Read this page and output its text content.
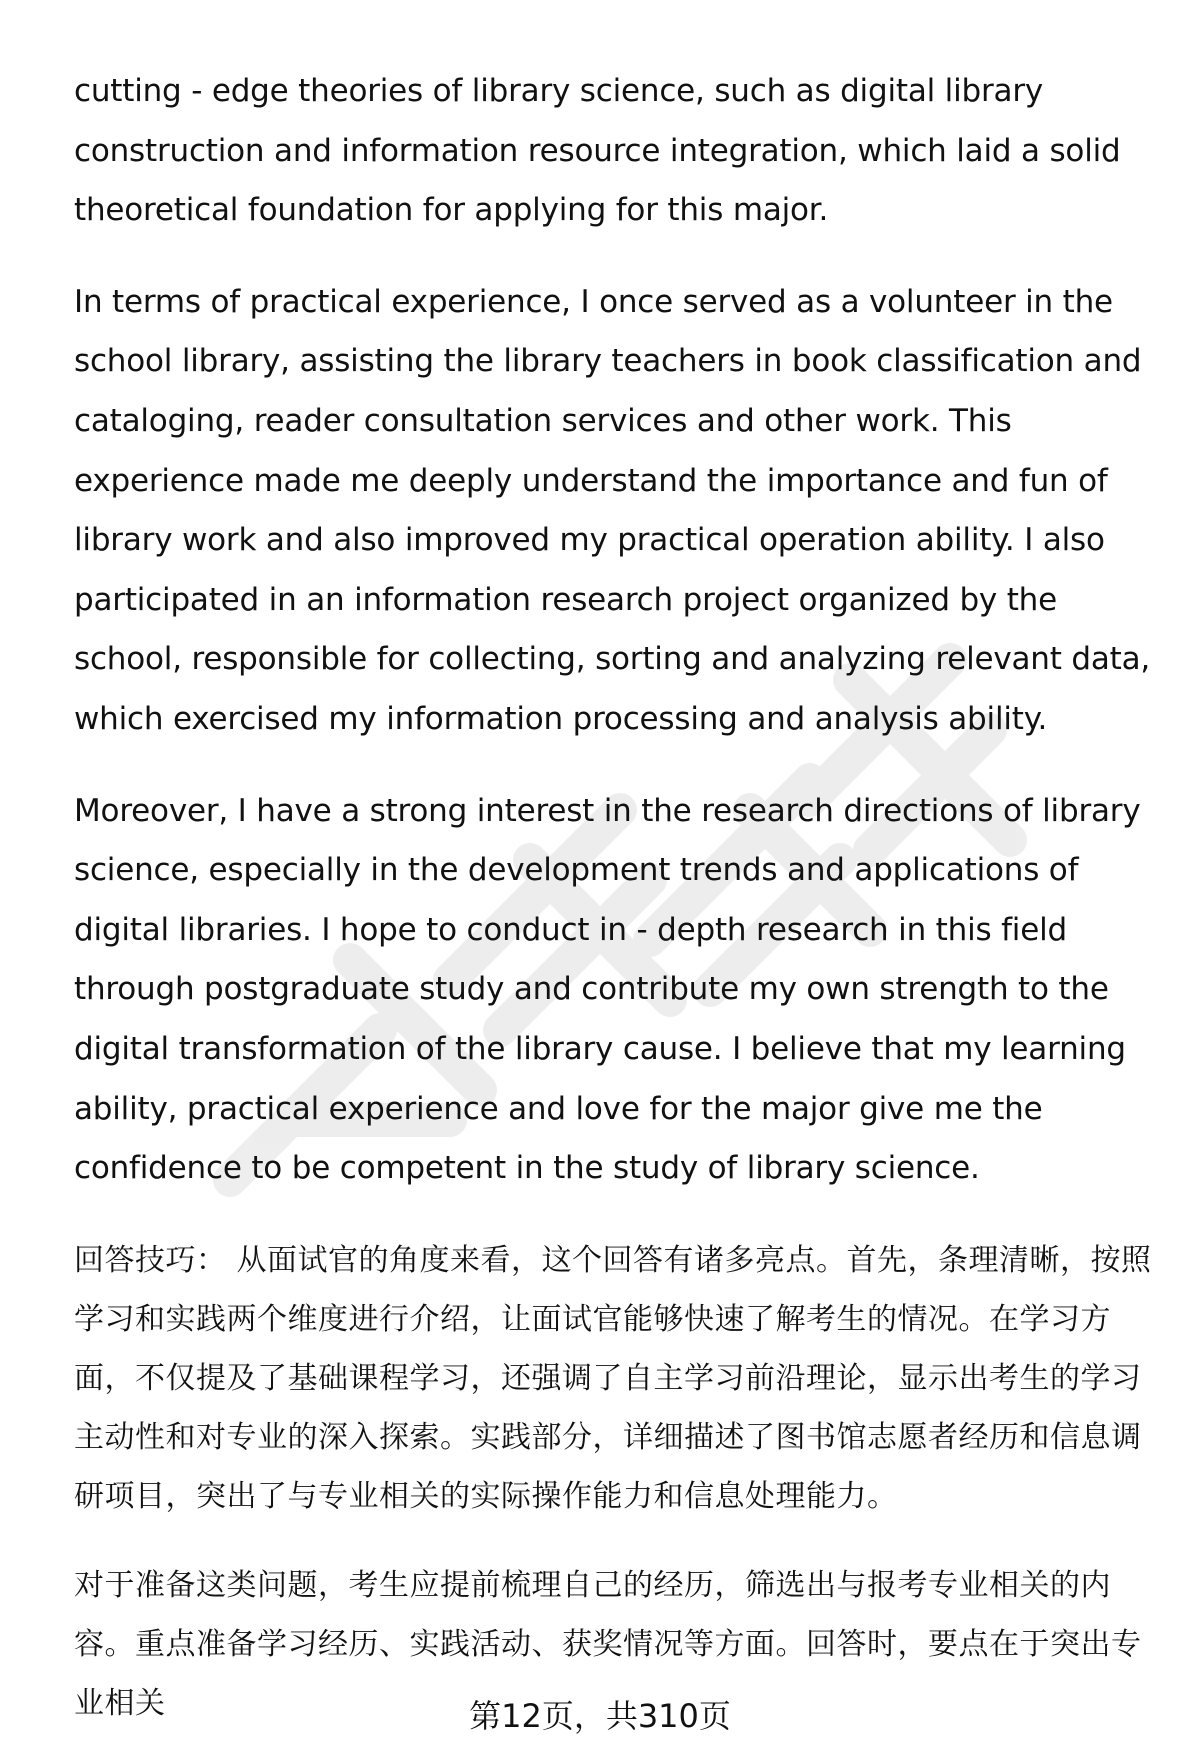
cutting - edge theories of library science, such as digital library construction and information resource integration, which laid a solid theoretical foundation for applying for this major.

In terms of practical experience, I once served as a volunteer in the school library, assisting the library teachers in book classification and cataloging, reader consultation services and other work. This experience made me deeply understand the importance and fun of library work and also improved my practical operation ability. I also participated in an information research project organized by the school, responsible for collecting, sorting and analyzing relevant data, which exercised my information processing and analysis ability.

Moreover, I have a strong interest in the research directions of library science, especially in the development trends and applications of digital libraries. I hope to conduct in - depth research in this field through postgraduate study and contribute my own strength to the digital transformation of the library cause. I believe that my learning ability, practical experience and love for the major give me the confidence to be competent in the study of library science.

回答技巧： 从面试官的角度来看，这个回答有诸多亮点。首先，条理清晰，按照学习和实践两个维度进行介绍，让面试官能够快速了解考生的情况。在学习方面，不仅提及了基础课程学习，还强调了自主学习前沿理论，显示出考生的学习主动性和对专业的深入探索。实践部分，详细描述了图书馆志愿者经历和信息调研项目，突出了与专业相关的实际操作能力和信息处理能力。

对于准备这类问题，考生应提前梳理自己的经历，筛选出与报考专业相关的内容。重点准备学习经历、实践活动、获奖情况等方面。回答时，要点在于突出专业相关	第12页，共310页
